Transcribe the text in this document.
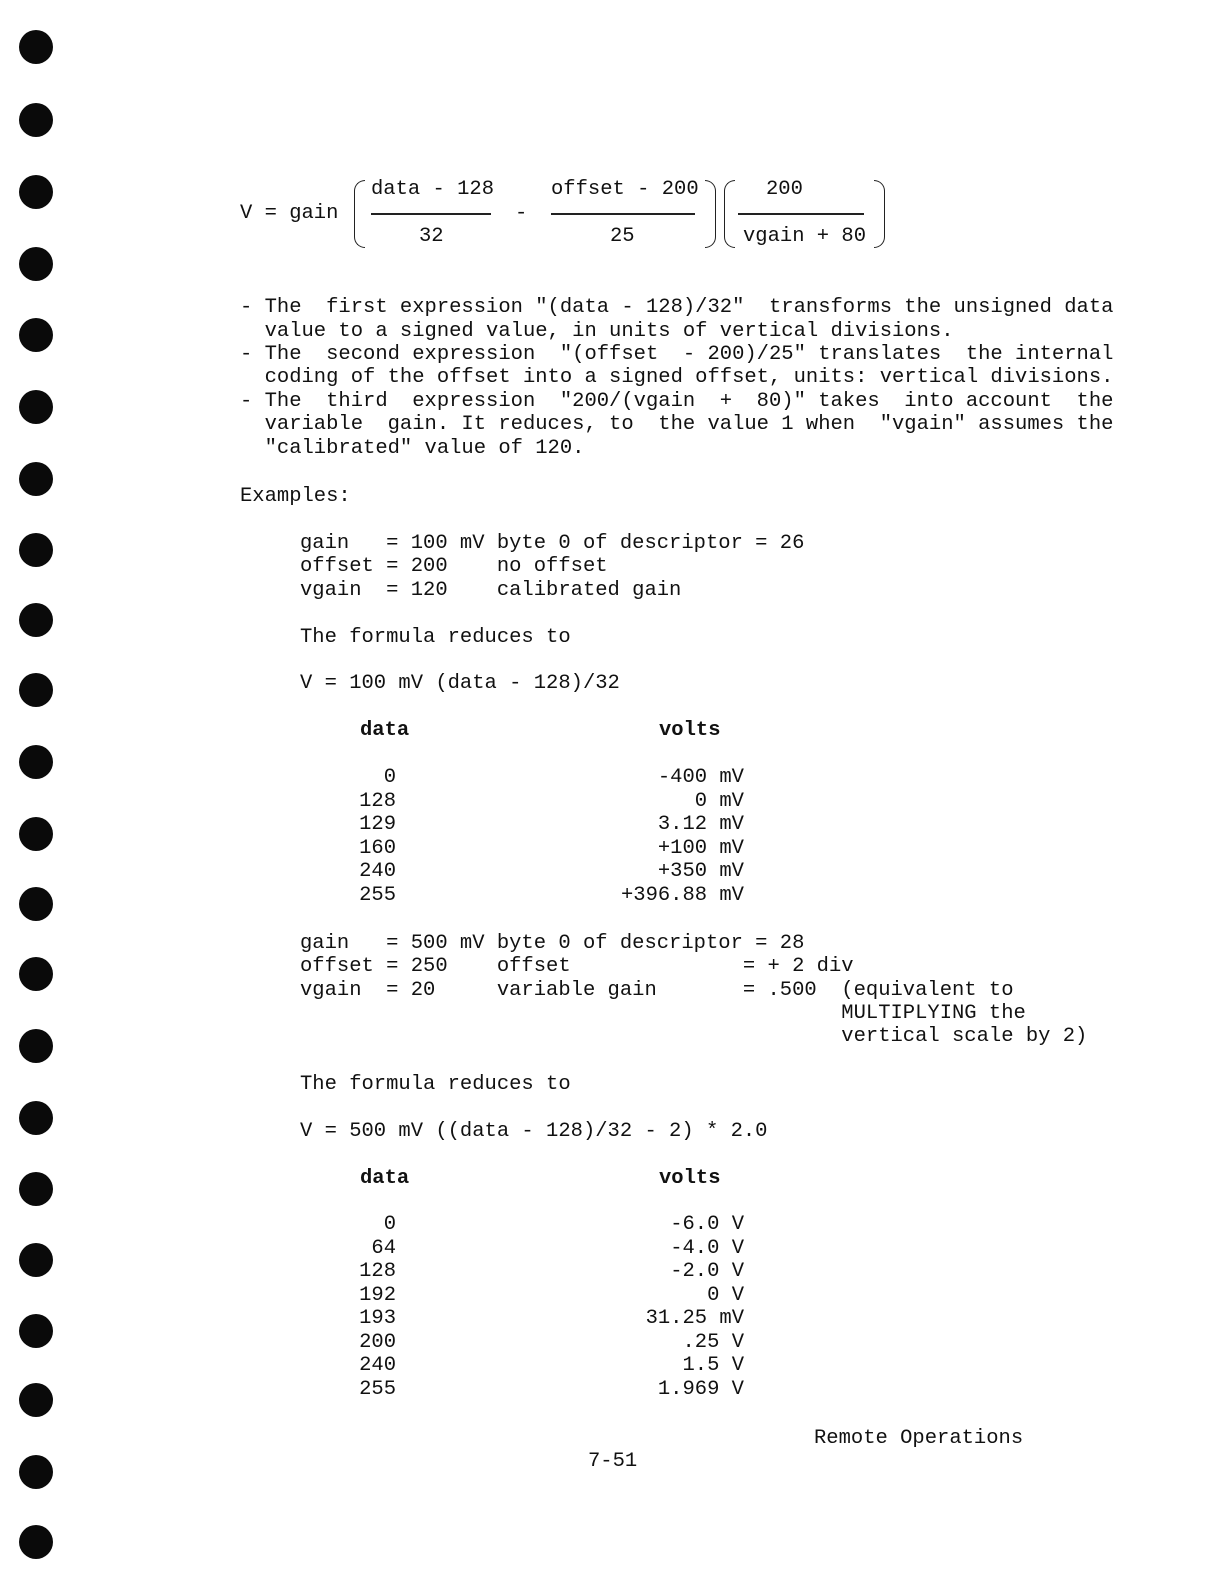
V = gain
data - 128
32
-
offset - 200
25
200
vgain + 80
- The  first expression "(data - 128)/32"  transforms the unsigned data
value to a signed value, in units of vertical divisions.
- The  second expression  "(offset  - 200)/25" translates  the internal
coding of the offset into a signed offset, units: vertical divisions.
- The  third  expression  "200/(vgain  +  80)" takes  into account  the
variable  gain. It reduces, to  the value 1 when  "vgain" assumes the
"calibrated" value of 120.
Examples:
gain   = 100 mV byte 0 of descriptor = 26
offset = 200    no offset
vgain  = 120    calibrated gain
The formula reduces to
V = 100 mV (data - 128)/32
data	volts
0	-400 mV
128	0 mV
129	3.12 mV
160	+100 mV
240	+350 mV
255	+396.88 mV
gain   = 500 mV byte 0 of descriptor = 28
offset = 250    offset              = + 2 div
vgain  = 20     variable gain       = .500  (equivalent to
MULTIPLYING the
vertical scale by 2)
The formula reduces to
V = 500 mV ((data - 128)/32 - 2) * 2.0
data	volts
0	-6.0 V
64	-4.0 V
128	-2.0 V
192	0 V
193	31.25 mV
200	.25 V
240	1.5 V
255	1.969 V
Remote Operations
7-51
